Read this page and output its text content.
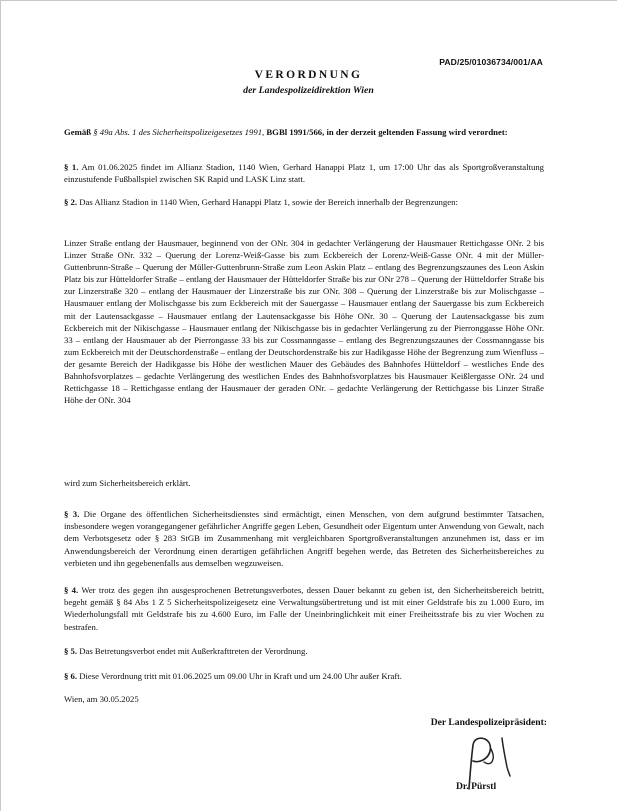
PAD/25/01036734/001/AA
VERORDNUNG
der Landespolizeidirektion Wien
Gemäß § 49a Abs. 1 des Sicherheitspolizeigesetzes 1991, BGBl 1991/566, in der derzeit geltenden Fassung wird verordnet:
§ 1. Am 01.06.2025 findet im Allianz Stadion, 1140 Wien, Gerhard Hanappi Platz 1, um 17:00 Uhr das als Sportgroßveranstaltung einzustufende Fußballspiel zwischen SK Rapid und LASK Linz statt.
§ 2. Das Allianz Stadion in 1140 Wien, Gerhard Hanappi Platz 1, sowie der Bereich innerhalb der Begrenzungen:
Linzer Straße entlang der Hausmauer, beginnend von der ONr. 304 in gedachter Verlängerung der Hausmauer Rettichgasse ONr. 2 bis Linzer Straße ONr. 332 – Querung der Lorenz-Weiß-Gasse bis zum Eckbereich der Lorenz-Weiß-Gasse ONr. 4 mit der Müller- Guttenbrunn-Straße – Querung der Müller-Guttenbrunn-Straße zum Leon Askin Platz – entlang des Begrenzungszaunes des Leon Askin Platz bis zur Hütteldorfer Straße – entlang der Hausmauer der Hütteldorfer Straße bis zur ONr 278 – Querung der Hütteldorfer Straße bis zur Linzerstraße 320 – entlang der Hausmauer der Linzerstraße bis zur ONr. 308 – Querung der Linzerstraße bis zur Molischgasse – Hausmauer entlang der Molischgasse bis zum Eckbereich mit der Sauergasse – Hausmauer entlang der Sauergasse bis zum Eckbereich mit der Lautensackgasse – Hausmauer entlang der Lautensackgasse bis Höhe ONr. 30 – Querung der Lautensackgasse bis zum Eckbereich mit der Nikischgasse – Hausmauer entlang der Nikischgasse bis in gedachter Verlängerung zu der Pierronggasse Höhe ONr. 33 – entlang der Hausmauer ab der Pierrongasse 33 bis zur Cossmanngasse – entlang des Begrenzungszaunes der Cossmanngasse bis zum Eckbereich mit der Deutschordenstraße – entlang der Deutschordenstraße bis zur Hadikgasse Höhe der Begrenzung zum Wienfluss – der gesamte Bereich der Hadikgasse bis Höhe der westlichen Mauer des Gebäudes des Bahnhofes Hütteldorf – westliches Ende des Bahnhofsvorplatzes – gedachte Verlängerung des westlichen Endes des Bahnhofsvorplatzes bis Hausmauer Keißlergasse ONr. 24 und Rettichgasse 18 – Rettichgasse entlang der Hausmauer der geraden ONr. – gedachte Verlängerung der Rettichgasse bis Linzer Straße Höhe der ONr. 304
wird zum Sicherheitsbereich erklärt.
§ 3. Die Organe des öffentlichen Sicherheitsdienstes sind ermächtigt, einen Menschen, von dem aufgrund bestimmter Tatsachen, insbesondere wegen vorangegangener gefährlicher Angriffe gegen Leben, Gesundheit oder Eigentum unter Anwendung von Gewalt, nach dem Verbotsgesetz oder § 283 StGB im Zusammenhang mit vergleichbaren Sportgroßveranstaltungen anzunehmen ist, dass er im Anwendungsbereich der Verordnung einen derartigen gefährlichen Angriff begehen werde, das Betreten des Sicherheitsbereiches zu verbieten und ihn gegebenenfalls aus demselben wegzuweisen.
§ 4. Wer trotz des gegen ihn ausgesprochenen Betretungsverbotes, dessen Dauer bekannt zu geben ist, den Sicherheitsbereich betritt, begeht gemäß § 84 Abs 1 Z 5 Sicherheitspolizeigesetz eine Verwaltungsübertretung und ist mit einer Geldstrafe bis zu 1.000 Euro, im Wiederholungsfall mit Geldstrafe bis zu 4.600 Euro, im Falle der Uneinbringlichkeit mit einer Freiheitsstrafe bis zu vier Wochen zu bestrafen.
§ 5. Das Betretungsverbot endet mit Außerkrafttreten der Verordnung.
§ 6. Diese Verordnung tritt mit 01.06.2025 um 09.00 Uhr in Kraft und um 24.00 Uhr außer Kraft.
Wien, am 30.05.2025
Der Landespolizeipräsident:
Dr. Pürstl
